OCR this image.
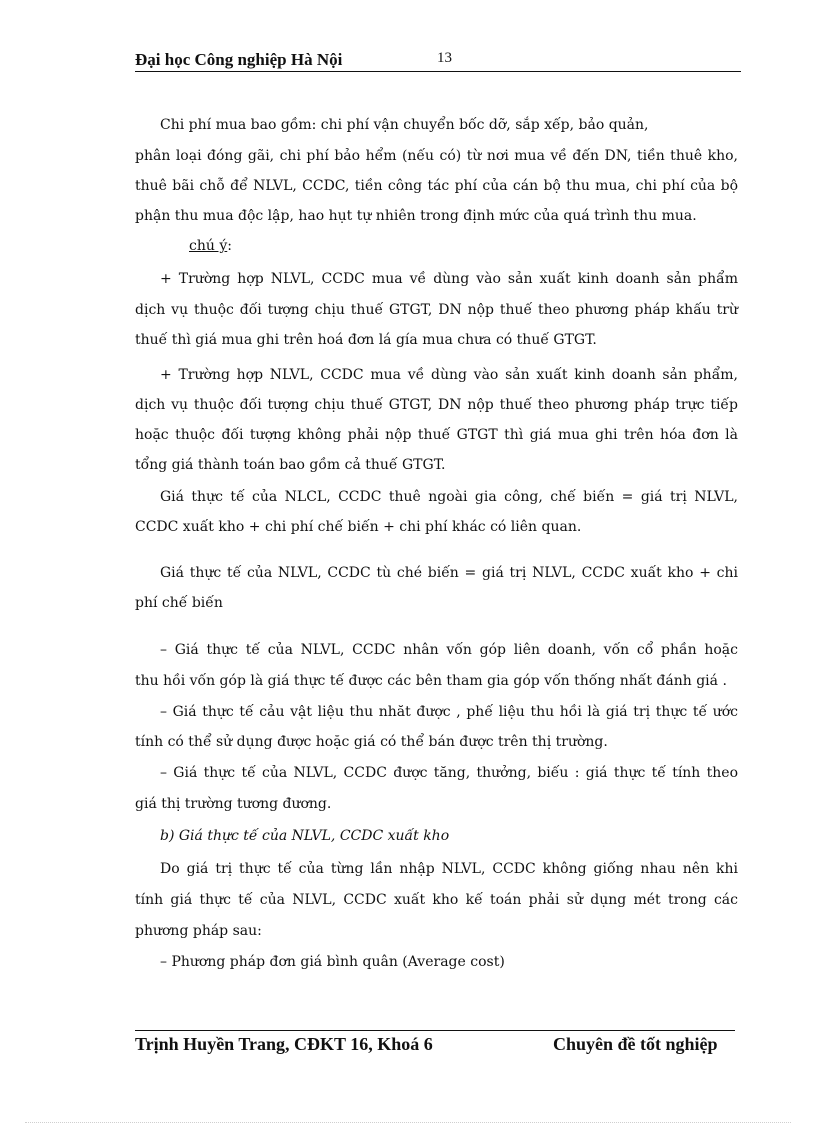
Đại học Công nghiệp Hà Nội	13
Chi phí mua bao gồm: chi phí vận chuyển bốc dỡ, sắp xếp, bảo quản,
phân loại đóng gãi, chi phí bảo hểm (nếu có) từ nơi mua về đến DN, tiền thuê kho,
thuê bãi chỗ để NLVL, CCDC, tiền công tác phí của cán bộ thu mua, chi phí của bộ
phận thu mua độc lập, hao hụt tự nhiên trong định mức của quá trình thu mua.
chú ý:
+ Trường hợp NLVL, CCDC mua về dùng vào sản xuất kinh doanh sản phẩm
dịch vụ thuộc đối tượng chịu thuế GTGT, DN nộp thuế theo phương pháp khấu trừ
thuế thì giá mua ghi trên hoá đơn lá gía mua chưa có thuế GTGT.
+ Trường hợp NLVL, CCDC mua về dùng vào sản xuất kinh doanh sản phẩm,
dịch vụ thuộc đối tượng chịu thuế GTGT, DN nộp thuế theo phương pháp trực tiếp
hoặc thuộc đối tượng không phải nộp thuế GTGT thì giá mua ghi trên hóa đơn là
tổng giá thành toán bao gồm cả thuế GTGT.
Giá thực tế của NLCL, CCDC thuê ngoài gia công, chế biến = giá trị NLVL,
CCDC xuất kho + chi phí chế biến + chi phí khác có liên quan.
Giá thực tế của NLVL, CCDC tù ché biến = giá trị NLVL, CCDC xuất kho + chi
phí chế biến
– Giá thực tế của NLVL, CCDC nhân vốn góp liên doanh, vốn cổ phần hoặc
thu hồi vốn góp là giá thực tế được các bên tham gia góp vốn thống nhất đánh giá .
– Giá thực tế cảu vật liệu thu nhăt được , phế liệu thu hồi là giá trị thực tế ước
tính có thể sử dụng được hoặc giá có thể bán được trên thị trường.
– Giá thực tế của NLVL, CCDC được tăng, thưởng, biếu : giá thực tế tính theo
giá thị trường tương đương.
b) Giá thực tế của NLVL, CCDC xuất kho
Do giá trị thực tế của từng lần nhập NLVL, CCDC không giống nhau nên khi
tính giá thực tế của NLVL, CCDC xuất kho kế toán phải sử dụng mét trong các
phương pháp sau:
– Phương pháp đơn giá bình quân (Average cost)
Trịnh Huyền Trang, CĐKT 16, Khoá 6	Chuyên đề tốt nghiệp
